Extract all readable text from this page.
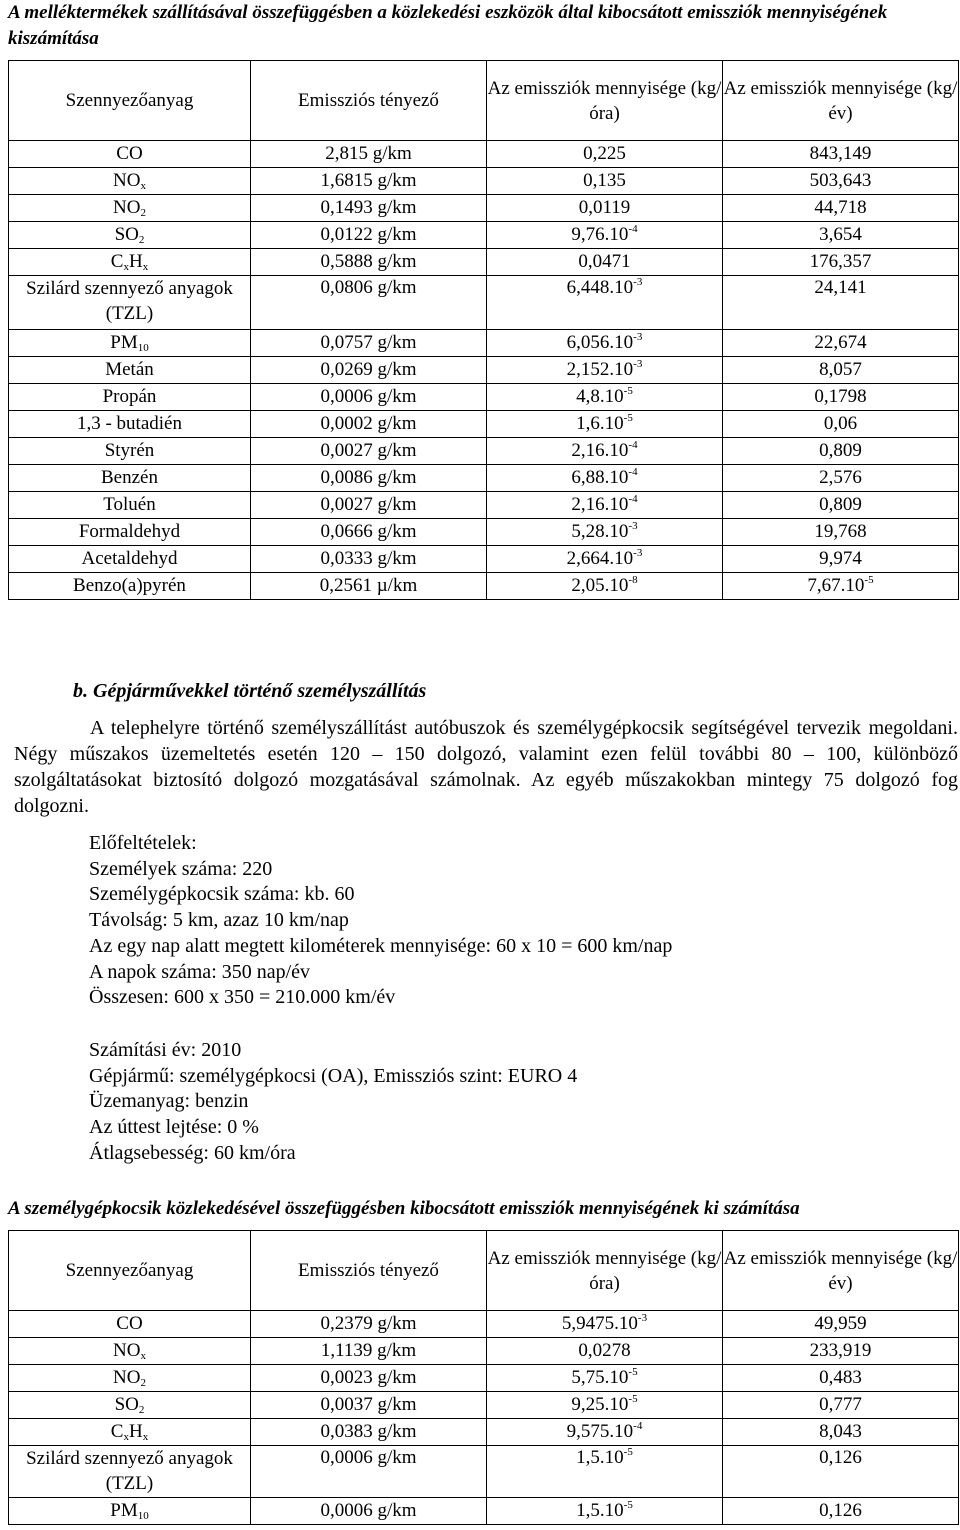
A melléktermékek szállításával összefüggésben a közlekedési eszközök által kibocsátott emissziók mennyiségének kiszámítása
Szennyezőanyag	Emissziós tényező	Az emissziók mennyisége (kg/óra)	Az emissziók mennyisége (kg/év)
CO	2,815 g/km	0,225	843,149
$NO_x$	1,6815 g/km	0,135	503,643
$NO_2$	0,1493 g/km	0,0119	44,718
$SO_2$	0,0122 g/km	$9,76.10^{-4}$	3,654
$C_xH_x$	0,5888 g/km	0,0471	176,357
Szilárd szennyező anyagok (TZL)	0,0806 g/km	$6,448.10^{-3}$	24,141
$PM_{10}$	0,0757 g/km	$6,056.10^{-3}$	22,674
Metán	0,0269 g/km	$2,152.10^{-3}$	8,057
Propán	0,0006 g/km	$4,8.10^{-5}$	0,1798
1,3 - butadién	0,0002 g/km	$1,6.10^{-5}$	0,06
Styrén	0,0027 g/km	$2,16.10^{-4}$	0,809
Benzén	0,0086 g/km	$6,88.10^{-4}$	2,576
Toluén	0,0027 g/km	$2,16.10^{-4}$	0,809
Formaldehyd	0,0666 g/km	$5,28.10^{-3}$	19,768
Acetaldehyd	0,0333 g/km	$2,664.10^{-3}$	9,974
Benzo(a)pyrén	0,2561 µ/km	$2,05.10^{-8}$	$7,67.10^{-5}$
b. Gépjárművekkel történő személyszállítás
A telephelyre történő személyszállítást autóbuszok és személygépkocsik segítségével tervezik megoldani. Négy műszakos üzemeltetés esetén 120 – 150 dolgozó, valamint ezen felül további 80 – 100, különböző szolgáltatásokat biztosító dolgozó mozgatásával számolnak. Az egyéb műszakokban mintegy 75 dolgozó fog dolgozni.
Előfeltételek:
Személyek száma: 220
Személygépkocsik száma: kb. 60
Távolság: 5 km, azaz 10 km/nap
Az egy nap alatt megtett kilométerek mennyisége: 60 x 10 = 600 km/nap
A napok száma: 350 nap/év
Összesen: 600 x 350 = 210.000 km/év
Számítási év: 2010
Gépjármű: személygépkocsi (OA), Emissziós szint: EURO 4
Üzemanyag: benzin
Az úttest lejtése: 0 %
Átlagsebesség: 60 km/óra
A személygépkocsik közlekedésével összefüggésben kibocsátott emissziók mennyiségének ki számítása
Szennyezőanyag	Emissziós tényező	Az emissziók mennyisége (kg/óra)	Az emissziók mennyisége (kg/év)
CO	0,2379 g/km	$5,9475.10^{-3}$	49,959
$NO_x$	1,1139 g/km	0,0278	233,919
$NO_2$	0,0023 g/km	$5,75.10^{-5}$	0,483
$SO_2$	0,0037 g/km	$9,25.10^{-5}$	0,777
$C_xH_x$	0,0383 g/km	$9,575.10^{-4}$	8,043
Szilárd szennyező anyagok (TZL)	0,0006 g/km	$1,5.10^{-5}$	0,126
$PM_{10}$	0,0006 g/km	$1,5.10^{-5}$	0,126
